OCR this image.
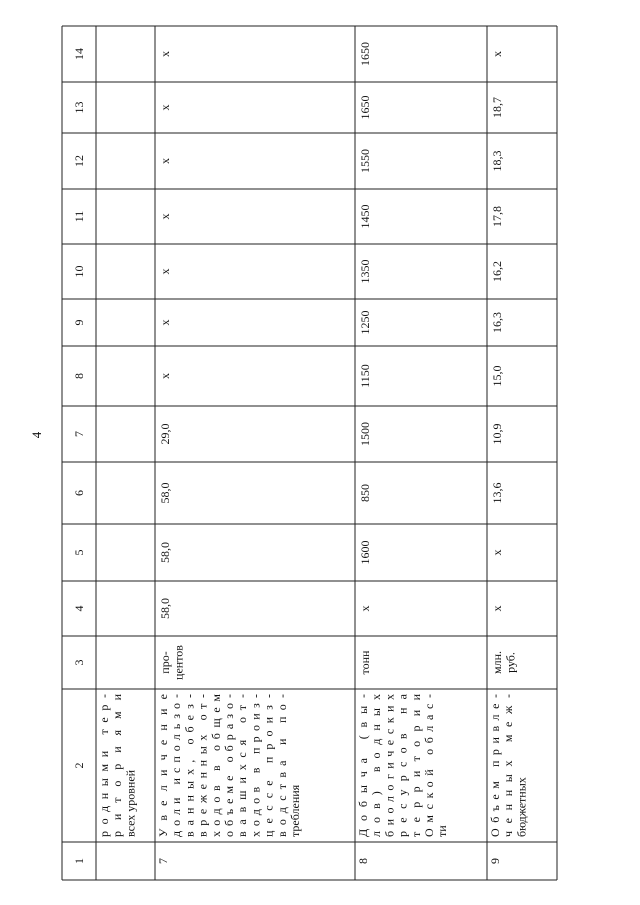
4
1
2
3
4
5
6
7
8
9
10
11
12
13
14
родными тер-
риториями
всех уровней
7
Увеличение
доли использо-
ванных, обез-
вреженных от-
ходов в общем
объеме образо-
вавшихся от-
ходов в произ-
цессе произ-
водства и по-
требления
про- центов
58,0
58,0
58,0
29,0
x
x
x
x
x
x
x
8
Добыча (вы-
лов) водных
биологических
ресурсов на
территории
Омской облас-
ти
тонн
x
1600
850
1500
1150
1250
1350
1450
1550
1650
1650
9
Объем привле-
ченных меж-
бюджетных
млн. руб.
x
x
13,6
10,9
15,0
16,3
16,2
17,8
18,3
18,7
x
